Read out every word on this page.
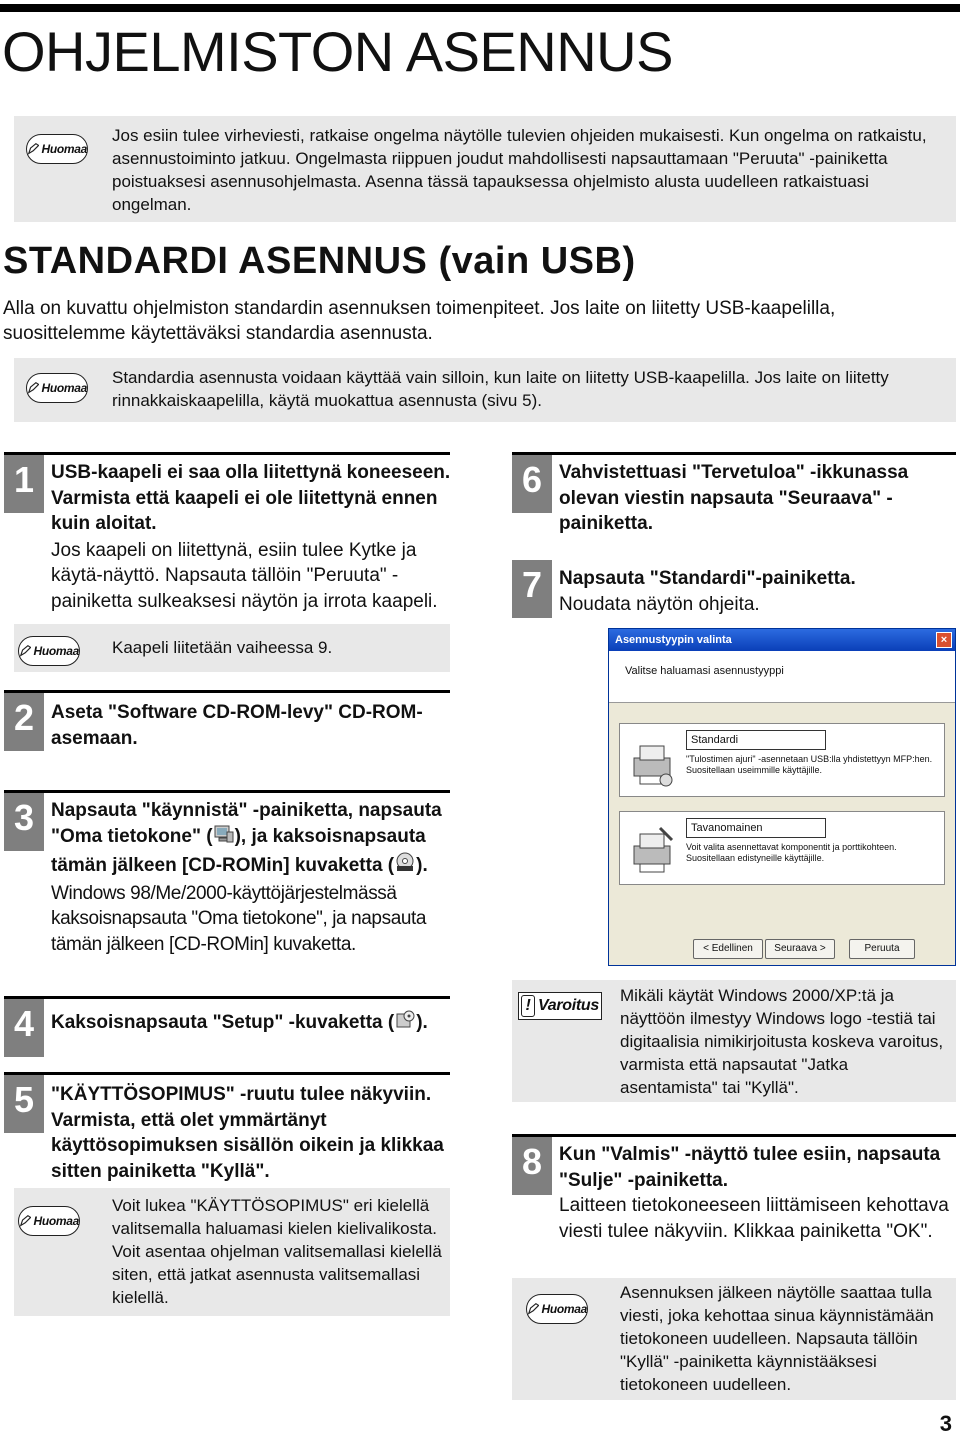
OHJELMISTON ASENNUS
Huomaa

Jos esiin tulee virheviesti, ratkaise ongelma näytölle tulevien ohjeiden mukaisesti. Kun ongelma on ratkaistu, asennustoiminto jatkuu. Ongelmasta riippuen joudut mahdollisesti napsauttamaan "Peruuta" -painiketta poistuaksesi asennusohjelmasta. Asenna tässä tapauksessa ohjelmisto alusta uudelleen ratkaistuasi ongelman.

STANDARDI ASENNUS (vain USB)

Alla on kuvattu ohjelmiston standardin asennuksen toimenpiteet. Jos laite on liitetty USB-kaapelilla, suosittelemme käytettäväksi standardia asennusta.

Huomaa

Standardia asennusta voidaan käyttää vain silloin, kun laite on liitetty USB-kaapelilla. Jos laite on liitetty rinnakkaiskaapelilla, käytä muokattua asennusta (sivu 5).

1 USB-kaapeli ei saa olla liitettynä koneeseen. Varmista että kaapeli ei ole liitettynä ennen kuin aloitat.
Jos kaapeli on liitettynä, esiin tulee Kytke ja käytä-näyttö. Napsauta tällöin "Peruuta" -painiketta sulkeaksesi näytön ja irrota kaapeli.
Huomaa Kaapeli liitetään vaiheessa 9.

2 Aseta "Software CD-ROM-levy" CD-ROM-asemaan.
3 Napsauta "käynnistä" -painiketta, napsauta "Oma tietokone" ( ), ja kaksoisnapsauta tämän jälkeen [CD-ROMin] kuvaketta ( ).
Windows 98/Me/2000-käyttöjärjestelmässä kaksoisnapsauta "Oma tietokone", ja napsauta tämän jälkeen [CD-ROMin] kuvaketta.
4 Kaksoisnapsauta "Setup" -kuvaketta ( ).
5 "KÄYTTÖSOPIMUS" -ruutu tulee näkyviin. Varmista, että olet ymmärtänyt käyttösopimuksen sisällön oikein ja klikkaa sitten painiketta "Kyllä".
Huomaa

Voit lukea "KÄYTTÖSOPIMUS" eri kielellä valitsemalla haluamasi kielen kielivalikosta. Voit asentaa ohjelman valitsemallasi kielellä siten, että jatkat asennusta valitsemallasi kielellä.

6 Vahvistettuasi "Tervetuloa" -ikkunassa olevan viestin napsauta "Seuraava" -painiketta.
7 Napsauta "Standardi"-painiketta.
Noudata näytön ohjeita.
Asennustyypin valinta	×
Valitse haluamasi asennustyyppi
Standardi
"Tulostimen ajuri" -asennetaan USB:lla yhdistettyyn MFP:hen. Suositellaan useimmille käyttäjille.
Tavanomainen
Voit valita asennettavat komponentit ja porttikohteen. Suositellaan edistyneille käyttäjille.
< Edellinen	Seuraava >	Peruuta
! Varoitus

Mikäli käytät Windows 2000/XP:tä ja näyttöön ilmestyy Windows logo -testiä tai digitaalisia nimikirjoitusta koskeva varoitus, varmista että napsautat "Jatka asentamista" tai "Kyllä".

8 Kun "Valmis" -näyttö tulee esiin, napsauta "Sulje" -painiketta.
Laitteen tietokoneeseen liittämiseen kehottava viesti tulee näkyviin. Klikkaa painiketta "OK".
Huomaa

Asennuksen jälkeen näytölle saattaa tulla viesti, joka kehottaa sinua käynnistämään tietokoneen uudelleen. Napsauta tällöin "Kyllä" -painiketta käynnistääksesi tietokoneen uudelleen.

3
